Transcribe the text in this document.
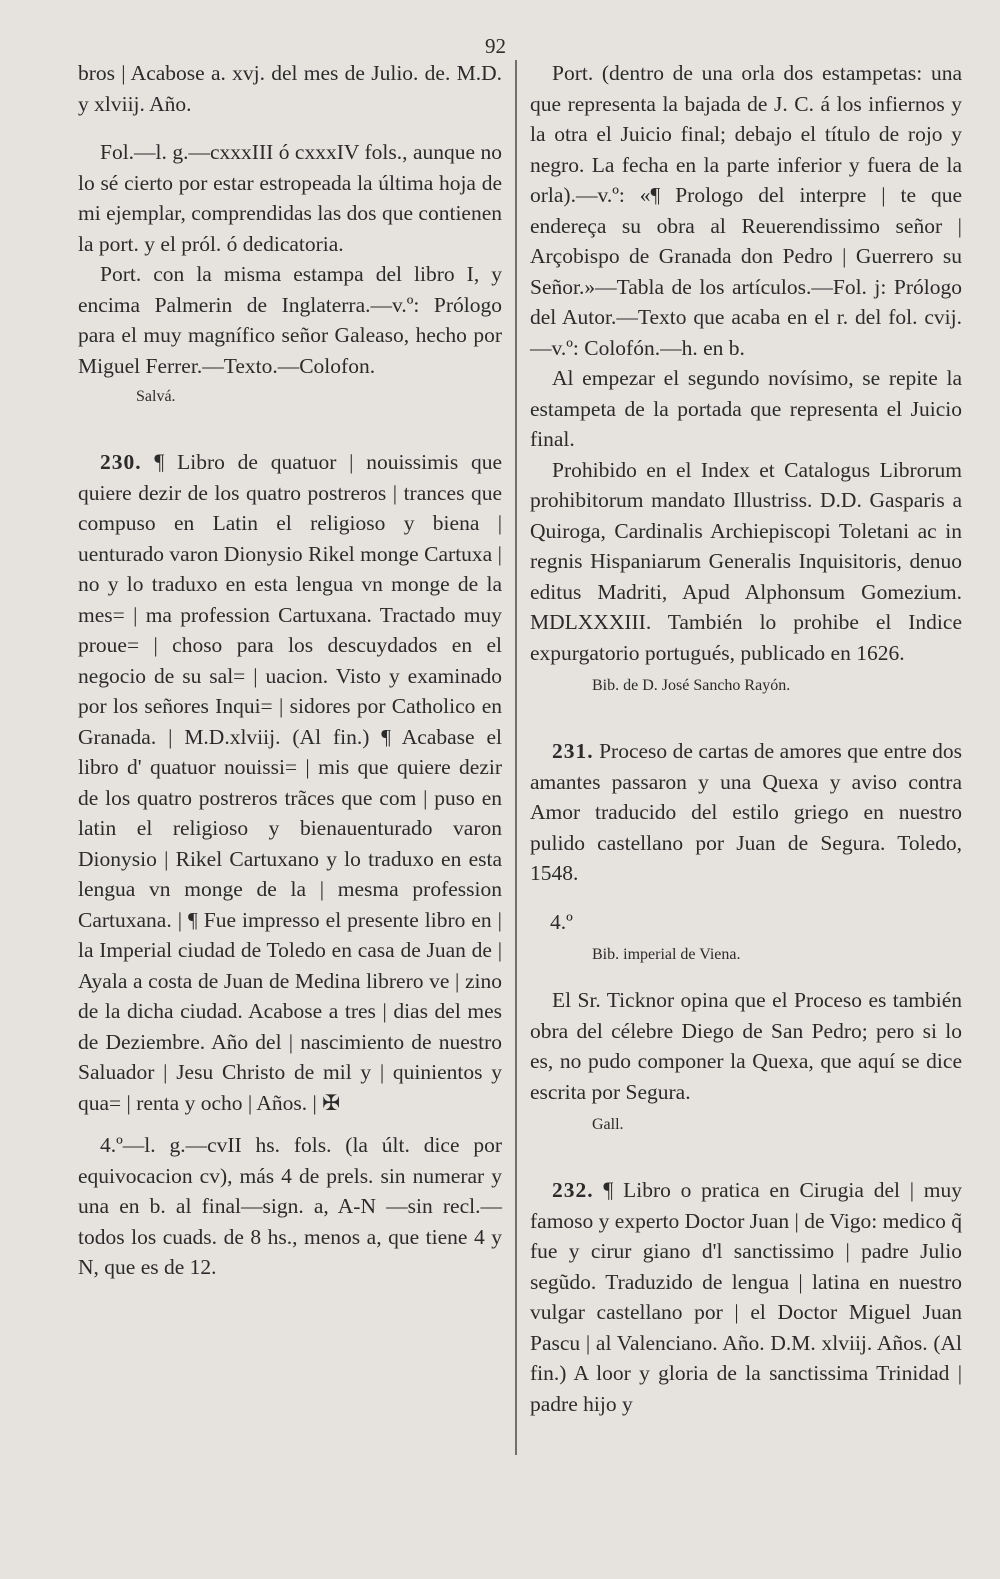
92

bros | Acabose a. xvj. del mes de Julio. de. M.D. y xlviij. Año.

Fol.—l. g.—cxxxIII ó cxxxIV fols., aunque no lo sé cierto por estar estropeada la última hoja de mi ejemplar, comprendidas las dos que contienen la port. y el pról. ó dedicatoria.

Port. con la misma estampa del libro I, y encima Palmerin de Inglaterra.—v.º: Prólogo para el muy magnífico señor Galeaso, hecho por Miguel Ferrer.—Texto.—Colofon.

Salvá.

230. ¶ Libro de quatuor | nouissimis que quiere dezir de los quatro postreros | trances que compuso en Latin el religioso y biena | uenturado varon Dionysio Rikel monge Cartuxa | no y lo traduxo en esta lengua vn monge de la mes= | ma profession Cartuxana. Tractado muy proue= | choso para los descuydados en el negocio de su sal= | uacion. Visto y examinado por los señores Inqui= | sidores por Catholico en Granada. | M.D.xlviij. (Al fin.) ¶ Acabase el libro d' quatuor nouissi= | mis que quiere dezir de los quatro postreros trãces que com | puso en latin el religioso y bienauenturado varon Dionysio | Rikel Cartuxano y lo traduxo en esta lengua vn monge de la | mesma profession Cartuxana. | ¶ Fue impresso el presente libro en | la Imperial ciudad de Toledo en casa de Juan de | Ayala a costa de Juan de Medina librero ve | zino de la dicha ciudad. Acabose a tres | dias del mes de Deziembre. Año del | nascimiento de nuestro Saluador | Jesu Christo de mil y | quinientos y qua= | renta y ocho | Años. | ✠

4.º—l. g.—cvII hs. fols. (la últ. dice por equivocacion cv), más 4 de prels. sin numerar y una en b. al final—sign. a, A-N —sin recl.—todos los cuads. de 8 hs., menos a, que tiene 4 y N, que es de 12.

Port. (dentro de una orla dos estampetas: una que representa la bajada de J. C. á los infiernos y la otra el Juicio final; debajo el título de rojo y negro. La fecha en la parte inferior y fuera de la orla).—v.º: «¶ Prologo del interpre | te que endereça su obra al Reuerendissimo señor | Arçobispo de Granada don Pedro | Guerrero su Señor.»—Tabla de los artículos.—Fol. j: Prólogo del Autor.—Texto que acaba en el r. del fol. cvij.—v.º: Colofón.—h. en b.

Al empezar el segundo novísimo, se repite la estampeta de la portada que representa el Juicio final.

Prohibido en el Index et Catalogus Librorum prohibitorum mandato Illustriss. D.D. Gasparis a Quiroga, Cardinalis Archiepiscopi Toletani ac in regnis Hispaniarum Generalis Inquisitoris, denuo editus Madriti, Apud Alphonsum Gomezium. MDLXXXIII. También lo prohibe el Indice expurgatorio portugués, publicado en 1626.

Bib. de D. José Sancho Rayón.

231. Proceso de cartas de amores que entre dos amantes passaron y una Quexa y aviso contra Amor traducido del estilo griego en nuestro pulido castellano por Juan de Segura. Toledo, 1548.

4.º

Bib. imperial de Viena.

El Sr. Ticknor opina que el Proceso es también obra del célebre Diego de San Pedro; pero si lo es, no pudo componer la Quexa, que aquí se dice escrita por Segura.

Gall.

232. ¶ Libro o pratica en Cirugia del | muy famoso y experto Doctor Juan | de Vigo: medico q̃ fue y cirur giano d'l sanctissimo | padre Julio segũdo. Traduzido de lengua | latina en nuestro vulgar castellano por | el Doctor Miguel Juan Pascu | al Valenciano. Año. D.M. xlviij. Años. (Al fin.) A loor y gloria de la sanctissima Trinidad | padre hijo y
